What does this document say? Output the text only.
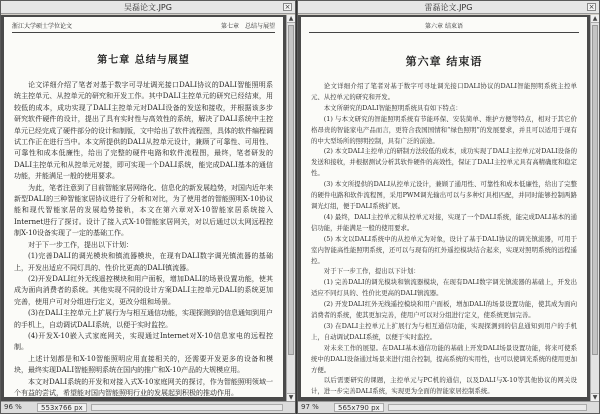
吴磊论文.JPG	×
浙江大学硕士学位论文	第七章　总结与展望
第七章 总结与展望

论文详细介绍了笔者对基于数字可寻址调光接口DALI协议的DALI智能照明系统主控单元、从控单元的研究和开发工作。其中DALI主控单元的研究已经结束，用较低的成本，成功实现了DALI主控单元对DALI设备的发送和接收，并根据该多步研究软件硬件的设计，提出了具有实时性与高效性的系统，解决了DALI系统中主控单元已经完成了硬件部分的设计和制版，文中给出了软件流程图，具体的软件编程调试工作正在进行当中。本文所提供的DALI从控单元设计，兼顾了可靠性、可用性、可靠性和成本低廉性，给出了完整的硬件电路和软件流程图，最终，笔者研发的DALI主控单元和从控单元对接，即可实现一个DALI系统，能完成DALI基本的通信功能，并能满足一般的使用要求。

为此，笔者注意到了目前智能家居网络化、信息化的新发展趋势，对国内近年来新型DALI的三种智能家居协议进行了分析和对比，为了使用者的智能照明X-10协议能和现代智能家居的发展趋势接轨，本文在第六章对X-10智能家居系统接入Internet进行了探讨。设计了接入式X-10智能家居网关，对以后通过以太网远程控制X-10设备实现了一定的基础工作。

对于下一步工作，提出以下计划：

(1)完善DALI的调光模块和镇流器模块，在现有DALI数字调光镇流器的基础上，开发出适应不同灯具的、性价比更高的DALI镇流器。

(2)开发DALI红外无线遥控模块和用户面板，增加DALI的场景设置功能，使其成为面向消费者的系统。其他实现不同的设计方案DALI主控单元DALI的系统更加完善，使用户可对分组进行定义，更改分组和场景。

(3)在DALI主控单元上扩展行为与相互通信功能，实现探测到的信息通知到用户的手机上，自动调试DALI系统，以便于实时监控。

(4)开发X-10嵌入式家庭网关，实现通过Internet对X-10信息家电的远程控制。

上述计划都是和X-10智能照明应用直接相关的，还需要开发更多的设备和模块，最终实现DALI智能照明系统在国内的推广和X-10产品的大规模应用。

本文对DALI系统的开发和对接入式X-10家庭网关的探讨，作为智能照明领域一个有益的尝试，希望能对国内智能照明行业的发展起到积极的推动作用。

▲
▼
96 %	553x766 px
雷磊论文.JPG	×
第六章 结束语
第六章 结束语

论文详细介绍了笔者对基于数字可寻址调光接口DALI协议的DALI智能照明系统主控单元、从控单元的研究和开发。

本文所研究的DALI智能照明系统具有如下特点：

(1) 与本文研究的智能照明系统有节能环保、安装简单、维护方便等特点，相对于其它价格昂贵的智能家电产品而言，更符合我国国情和“绿色照明”的发展要求，并且可以适用于现有的中大型场所的照明控制，具有广泛的前途。

(2) 本文DALI主控单元的研制方法较低的成本，成功实现了DALI主控单元对DALI设备的发送和接收，并根据测试分析其软件硬件的高效性，保证了DALI主控单元具有高精确度和稳定性。

(3) 本文所提供的DALI从控单元设计，兼顾了通用性、可靠性和成本低廉性，给出了完整的硬件电路和软件流程图，采用PWM调光输出可以与多种灯具相匹配，并同时能够控制两路调光灯组，便于DALI系统扩展。

(4) 最终，DALI主控单元和从控单元对接，实现了一个DALI系统，能完成DALI基本的通信功能，并能满足一般的使用要求。

(5) 本文以DALI系统中的从控单元为对象，设计了基于DALI协议的调光镇流器，可用于室内智能高性能照明系统，还可以与现有的红外遥控模块结合起来，实现对照明系统的远程遥控。

对于下一步工作，提出以下计划：

(1) 完善DALI的调光模块和镇流器模块，在现有DALI数字调光镇流器的基础上，开发出适应不同灯具的、性价比更高的DALI镇流器。

(2) 开发DALI红外无线遥控模块和用户面板，增加DALI的场景设置功能，使其成为面向消费者的系统，使其更加完善，使用户可以对分组进行定义，使系统更加完善。

(3) 在DALI主控单元上扩展行为与相互通信功能，实现探测到的信息通知到用户的手机上，自动调试DALI系统，以便于实时监控。

对未来工作的展望。在DALI基本通信功能的基础上开发DALI场景设置功能，将来可使系统中的DALI设备通过场景来进行组合控制，提高系统的实用性，也可以使调光系统的使用更加方便。

以后需要研究的课题，主控单元与PC机的通信，以及DALI与X-10等其他协议的网关设计，进一步完善DALI系统，实现更为全面的智能家居控制系统。

▲
▼
97 %	565x790 px
